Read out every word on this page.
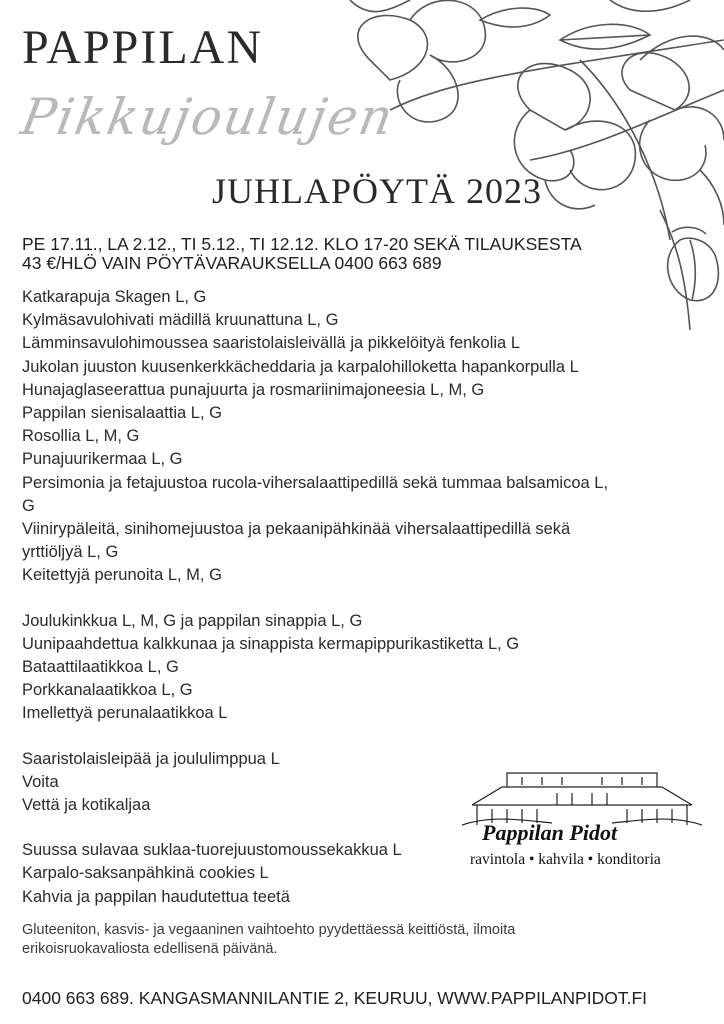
PAPPILAN
Pikkujoulujen
JUHLAPÖYTÄ 2023
PE 17.11., LA 2.12., TI 5.12., TI 12.12. KLO 17-20 SEKÄ TILAUKSESTA
43 €/HLÖ VAIN PÖYTÄVARAUKSELLA 0400 663 689
Katkarapuja Skagen L, G
Kylmäsavulohivati mädillä kruunattuna L, G
Lämminsavulohimoussea saaristolaisleivällä ja pikkelöityä fenkolia L
Jukolan juuston kuusenkerkkächeddaria ja karpalohilloketta hapankorpulla L
Hunajaglaseerattua punajuurta ja rosmariinimajoneesia L, M, G
Pappilan sienisalaattia L, G
Rosollia L, M, G
Punajuurikermaa L, G
Persimonia ja fetajuustoa rucola-vihersalaattipedillä sekä tummaa balsamicoa L, G
Viinirypäleitä, sinihomejuustoa ja pekaanipähkinää vihersalaattipedillä sekä yrttiöljyä L, G
Keitettyjä perunoita L, M, G
Joulukinkkua L, M, G ja pappilan sinappia L, G
Uunipaahdettua kalkkunaa ja sinappista kermapippurikastiketta L, G
Bataattilaatikkoa L, G
Porkkanalaatikkoa L, G
Imellettyä perunalaatikkoa L
Saaristolaisleipää ja joululimppua L
Voita
Vettä ja kotikaljaa
Suussa sulavaa suklaa-tuorejuustomoussekakkua L
Karpalo-saksanpähkinä cookies L
Kahvia ja pappilan haudutettua teetä
Pappilan Pidot
ravintola • kahvila • konditoria
Gluteeniton, kasvis- ja vegaaninen vaihtoehto pyydettäessä keittiöstä, ilmoita erikoisruokavaliosta edellisenä päivänä.
0400 663 689. KANGASMANNILANTIE 2, KEURUU, WWW.PAPPILANPIDOT.FI
